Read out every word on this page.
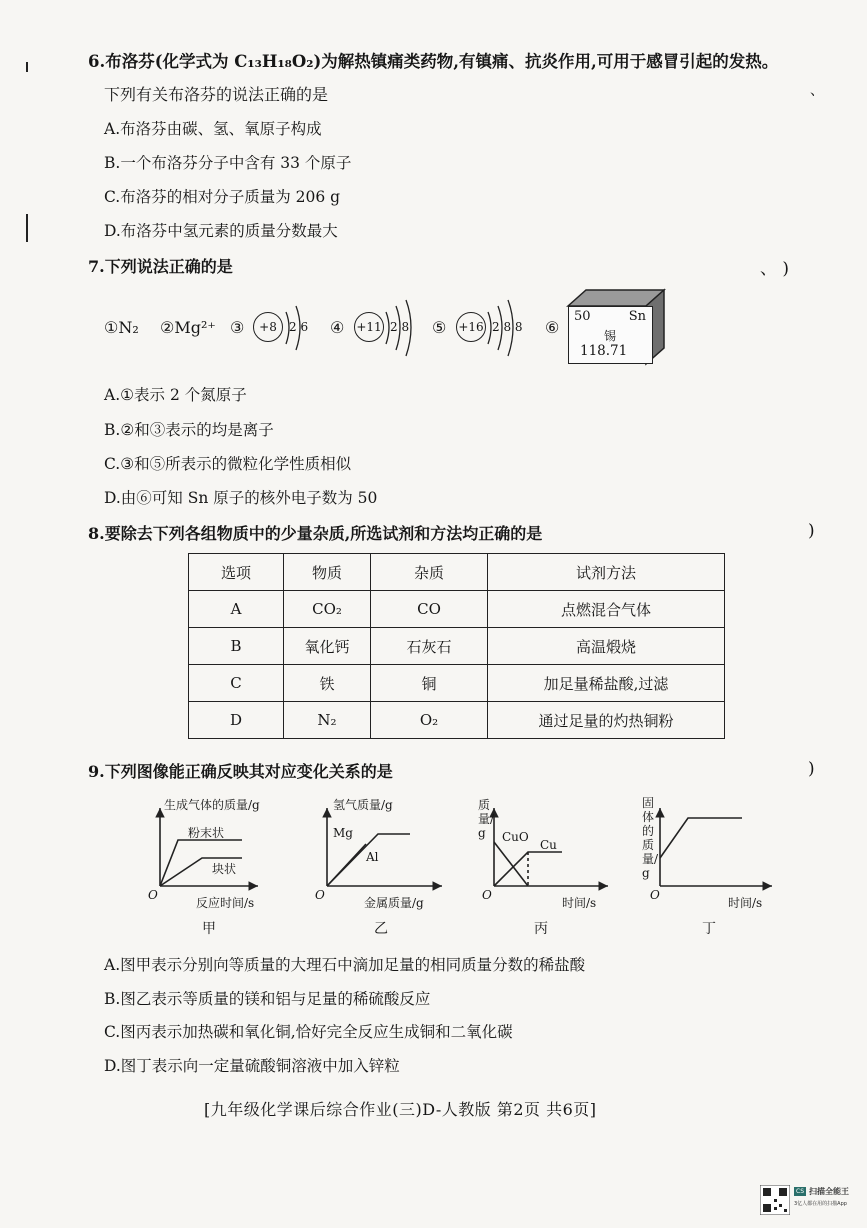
、
6.布洛芬(化学式为 C₁₃H₁₈O₂)为解热镇痛类药物,有镇痛、抗炎作用,可用于感冒引起的发热。
下列有关布洛芬的说法正确的是
A.布洛芬由碳、氢、氧原子构成
B.一个布洛芬分子中含有 33 个原子
C.布洛芬的相对分子质量为 206 g
D.布洛芬中氢元素的质量分数最大
7.下列说法正确的是	、 )
①N₂ ②Mg²⁺ ③	+8	2 6 ④ +11 2 8 ⑤ +16 2 8 8 ⑥
50	Sn
锡
118.71
A.①表示 2 个氮原子
B.②和③表示的均是离子
C.③和⑤所表示的微粒化学性质相似
D.由⑥可知 Sn 原子的核外电子数为 50
8.要除去下列各组物质中的少量杂质,所选试剂和方法均正确的是	)
选项	物质	杂质	试剂方法
A	CO₂	CO	点燃混合气体
B	氧化钙	石灰石	高温煅烧
C	铁	铜	加足量稀盐酸,过滤
D	N₂	O₂	通过足量的灼热铜粉
9.下列图像能正确反映其对应变化关系的是	)
生成气体的质量/g
粉末状
块状
O
反应时间/s
甲
氢气质量/g
Mg
Al
O
金属质量/g
乙
质量/g	CuO
Cu
O
时间/s
丙
固体的质量/g
O
时间/s
丁
A.图甲表示分别向等质量的大理石中滴加足量的相同质量分数的稀盐酸
B.图乙表示等质量的镁和铝与足量的稀硫酸反应
C.图丙表示加热碳和氧化铜,恰好完全反应生成铜和二氧化碳
D.图丁表示向一定量硫酸铜溶液中加入锌粒
[九年级化学课后综合作业(三)D-人教版 第2页 共6页]
CS 扫描全能王
3亿人都在用的扫描App
